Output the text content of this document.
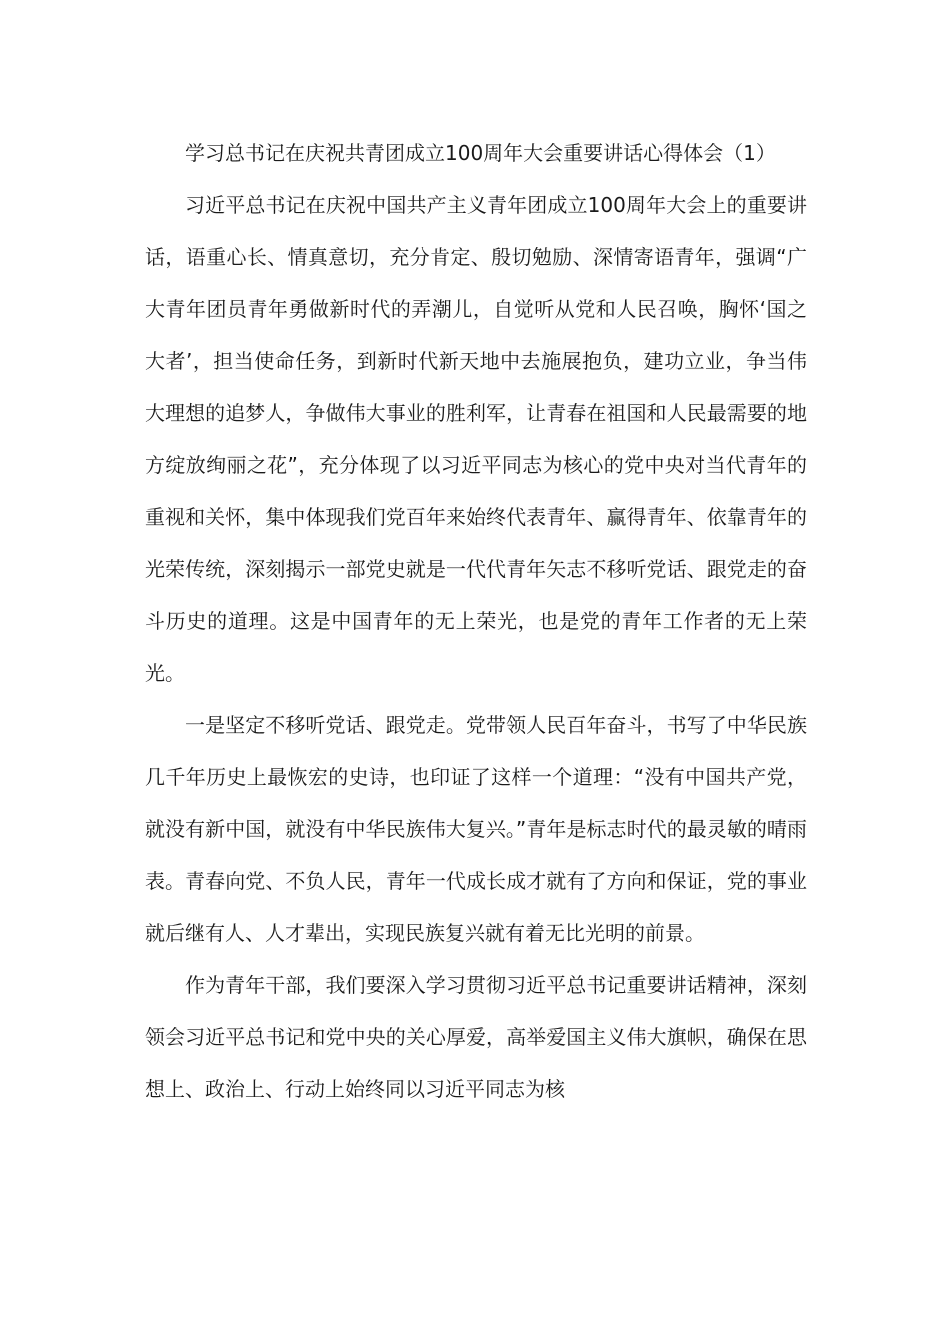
学习总书记在庆祝共青团成立100周年大会重要讲话心得体会（1）

习近平总书记在庆祝中国共产主义青年团成立100周年大会上的重要讲话，语重心长、情真意切，充分肯定、殷切勉励、深情寄语青年，强调“广大青年团员青年勇做新时代的弄潮儿，自觉听从党和人民召唤，胸怀‘国之大者’，担当使命任务，到新时代新天地中去施展抱负，建功立业，争当伟大理想的追梦人，争做伟大事业的胜利军，让青春在祖国和人民最需要的地方绽放绚丽之花”，充分体现了以习近平同志为核心的党中央对当代青年的重视和关怀，集中体现我们党百年来始终代表青年、赢得青年、依靠青年的光荣传统，深刻揭示一部党史就是一代代青年矢志不移听党话、跟党走的奋斗历史的道理。这是中国青年的无上荣光，也是党的青年工作者的无上荣光。

一是坚定不移听党话、跟党走。党带领人民百年奋斗，书写了中华民族几千年历史上最恢宏的史诗，也印证了这样一个道理：“没有中国共产党，就没有新中国，就没有中华民族伟大复兴。”青年是标志时代的最灵敏的晴雨表。青春向党、不负人民，青年一代成长成才就有了方向和保证，党的事业就后继有人、人才辈出，实现民族复兴就有着无比光明的前景。

作为青年干部，我们要深入学习贯彻习近平总书记重要讲话精神，深刻领会习近平总书记和党中央的关心厚爱，高举爱国主义伟大旗帜，确保在思想上、政治上、行动上始终同以习近平同志为核
